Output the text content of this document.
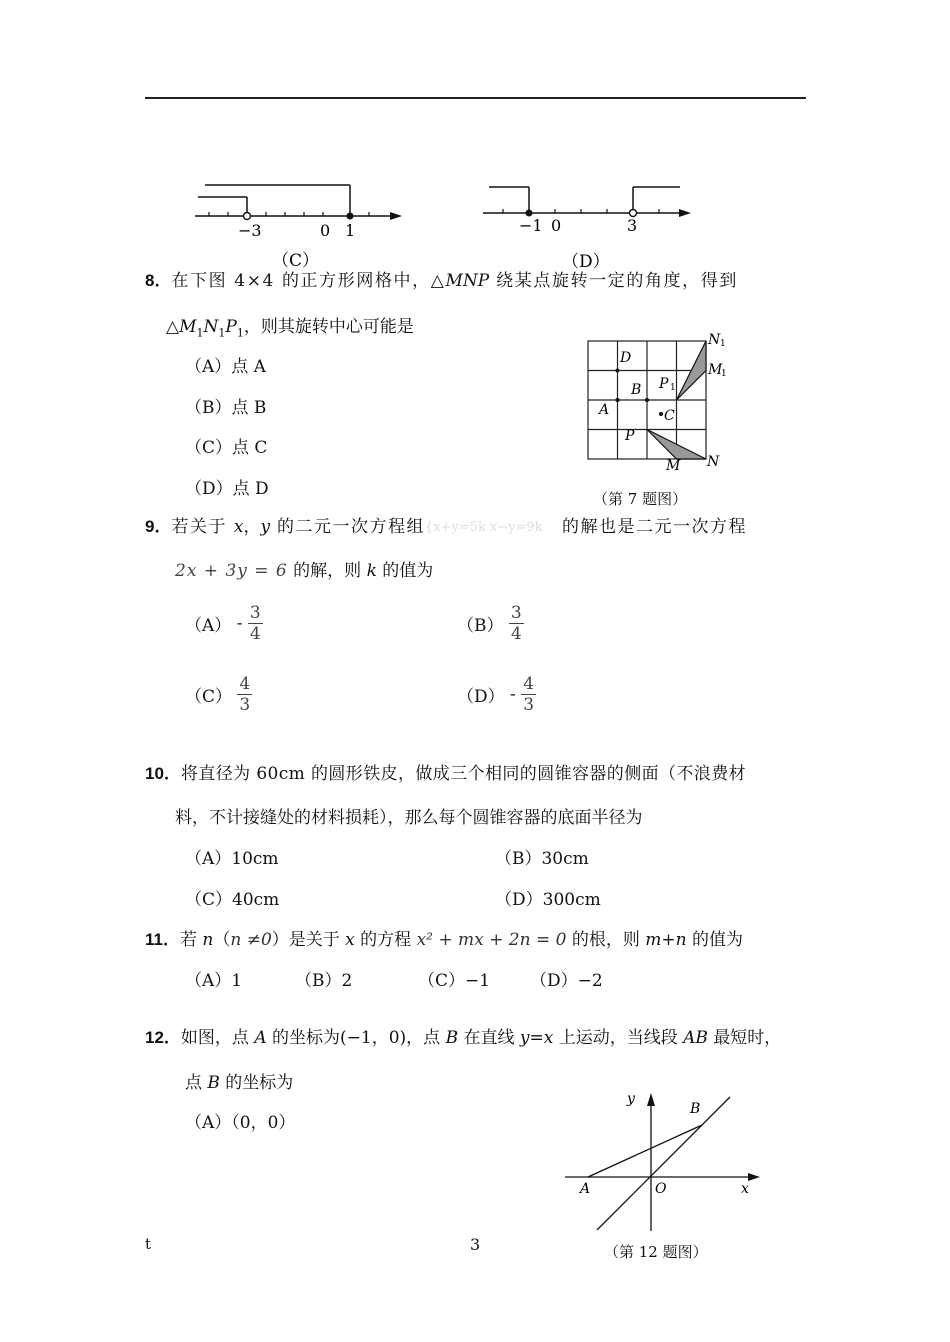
−3	0 1
（C）
−1 0	3
（D）
8．在下图 4×4 的正方形网格中，△MNP 绕某点旋转一定的角度，得到
$\triangle M_1N_1P_1$，则其旋转中心可能是
（A）点 A
（B）点 B
（C）点 C
（D）点 D
D
B
A	C
P
M N
P
M
N
1
1
1
（第 7 题图）
9．若关于 x，y 的二元一次方程组{x+y=5k x−y=9k 的解也是二元一次方程
2x + 3y = 6 的解，则 k 的值为
$(A) - \frac{3}{4}$	$(B) \frac{3}{4}$
$(C) \frac{4}{3}$	$(D) - \frac{4}{3}$
10．将直径为 60cm 的圆形铁皮，做成三个相同的圆锥容器的侧面（不浪费材
料，不计接缝处的材料损耗），那么每个圆锥容器的底面半径为
（A）10cm	（B）30cm
（C）40cm	（D）300cm
11．若 n（n ≠0）是关于 x 的方程 x² + mx + 2n = 0 的根，则 m+n 的值为
（A）1	（B）2	（C）−1 （D）−2
12．如图，点 A 的坐标为(−1，0)，点 B 在直线 y=x 上运动，当线段 AB 最短时，
点 B 的坐标为
（A）（0，0）
y
B
A	O	x
（第 12 题图）
t	3
